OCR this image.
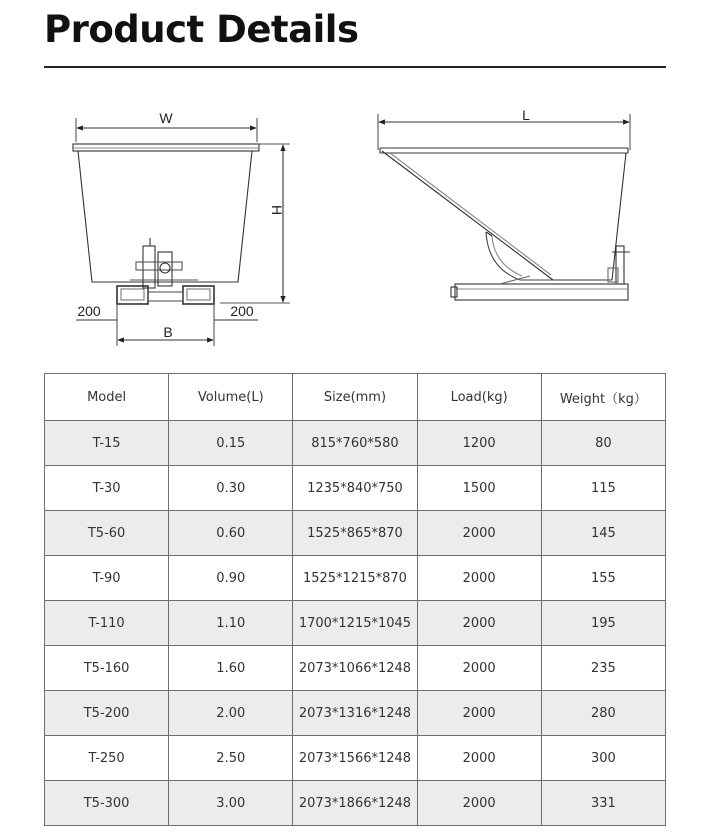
Product Details
W
H
200	200
B
L
Model	Volume(L)	Size(mm)	Load(kg)	Weight（kg）
T-15	0.15	815*760*580	1200	80
T-30	0.30	1235*840*750	1500	115
T5-60	0.60	1525*865*870	2000	145
T-90	0.90	1525*1215*870	2000	155
T-110	1.10	1700*1215*1045	2000	195
T5-160	1.60	2073*1066*1248	2000	235
T5-200	2.00	2073*1316*1248	2000	280
T-250	2.50	2073*1566*1248	2000	300
T5-300	3.00	2073*1866*1248	2000	331
